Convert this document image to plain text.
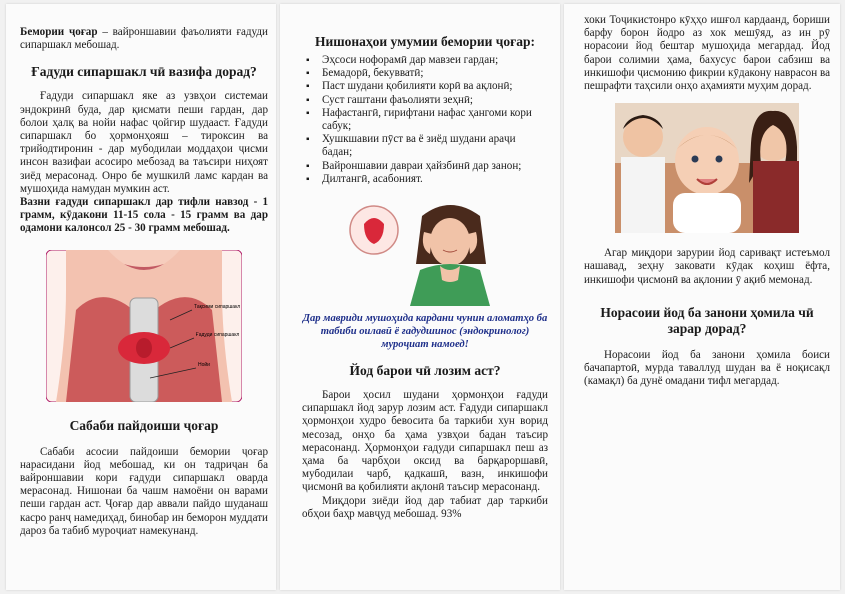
Бемории ҷоғар – вайроншавии фаъолияти ғадуди сипаршакл мебошад.

Ғадуди сипаршакл чӣ вазифа дорад?

Ғадуди сипаршакл яке аз узвҳои системаи эндокринӣ буда, дар қисмати пеши гардан, дар болои ҳалқ ва нойи нафас ҷойгир шудааст. Ғадуди сипаршакл бо ҳормонҳояш – тироксин ва трийодтиронин - дар мубодилаи моддаҳои ҷисми инсон вазифаи асосиро мебозад ва таъсири ниҳоят зиёд мерасонад. Онро бе мушкилӣ ламс кардан ва мушоҳида намудан мумкин аст.

Вазни ғадуди сипаршакл дар тифли навзод - 1 грамм, кӯдакони 11-15 сола - 15 грамм ва дар одамони калонсол 25 - 30 грамм мебошад.

Тақсими сипаршакл
Ғадуди сипаршакл
Нойи
Сабаби пайдоиши ҷоғар

Сабаби асосии пайдоиши бемории ҷоғар нарасидани йод мебошад, ки он тадриҷан ба вайроншавии кори ғадуди сипаршакл оварда мерасонад. Нишонаи ба чашм намоёни он варами пеши гардан аст. Ҷоғар дар аввали пайдо шуданаш касро ранҷ намедиҳад, бинобар ин беморон муддати дароз ба табиб муроҷиат намекунанд.

Нишонаҳои умумии бемории ҷоғар:
▪ Эҳсоси нофорамӣ дар мавзеи гардан;
▪ Бемадорӣ, бекувватӣ;
▪ Паст шудани қобилияти корӣ ва ақлонӣ;
▪ Суст гаштани фаъолияти зеҳнӣ;
▪ Нафастангӣ, гирифтани нафас ҳангоми кори сабук;
▪ Хушкшавии пӯст ва ё зиёд шудани араҷи бадан;
▪ Вайроншавии давраи ҳайзбинӣ дар занон;
▪ Дилтангӣ, асабоният.

Дар мавриди мушоҳида кардани чунин аломатҳо ба табиби оилавӣ ё ғадудшинос (эндокринолог) муроҷиат намоед!

Йод барои чӣ лозим аст?

Барои ҳосил шудани ҳормонҳои ғадуди сипаршакл йод зарур лозим аст. Ғадуди сипаршакл ҳормонҳои худро бевосита ба таркиби хун ворид месозад, онҳо ба ҳама узвҳои бадан таъсир мерасонанд. Ҳормонҳои ғадуди сипаршакл пеш аз ҳама ба чарбҳои оксид ва барқароршавӣ, мубодилаи чарб, қадкашӣ, вазн, инкишофи ҷисмонӣ ва қобилияти ақлонӣ таъсир мерасонанд.

Миқдори зиёди йод дар табиат дар таркиби обҳои баҳр мавҷуд мебошад. 93%

хоки Тоҷикистонро кӯҳҳо ишғол кардаанд, бориши барфу борон йодро аз хок мешӯяд, аз ин рӯ норасоии йод бештар мушоҳида мегардад. Йод барои солимии ҳама, бахусус барои сабзиш ва инкишофи ҷисмонию фикрии кӯдакону наврасон ва пешрафти таҳсили онҳо аҳамияти муҳим дорад.

Агар миқдори зарурии йод саривақт истеъмол нашавад, зеҳну заковати кӯдак коҳиш ёфта, инкишофи ҷисмонӣ ва ақлонии ӯ ақиб мемонад.

Норасоии йод ба занони ҳомила чӣ зарар дорад?

Норасоии йод ба занони ҳомила боиси бачапартоӣ, мурда таваллуд шудан ва ё ноқисақл (камақл) ба дунё омадани тифл мегардад.
